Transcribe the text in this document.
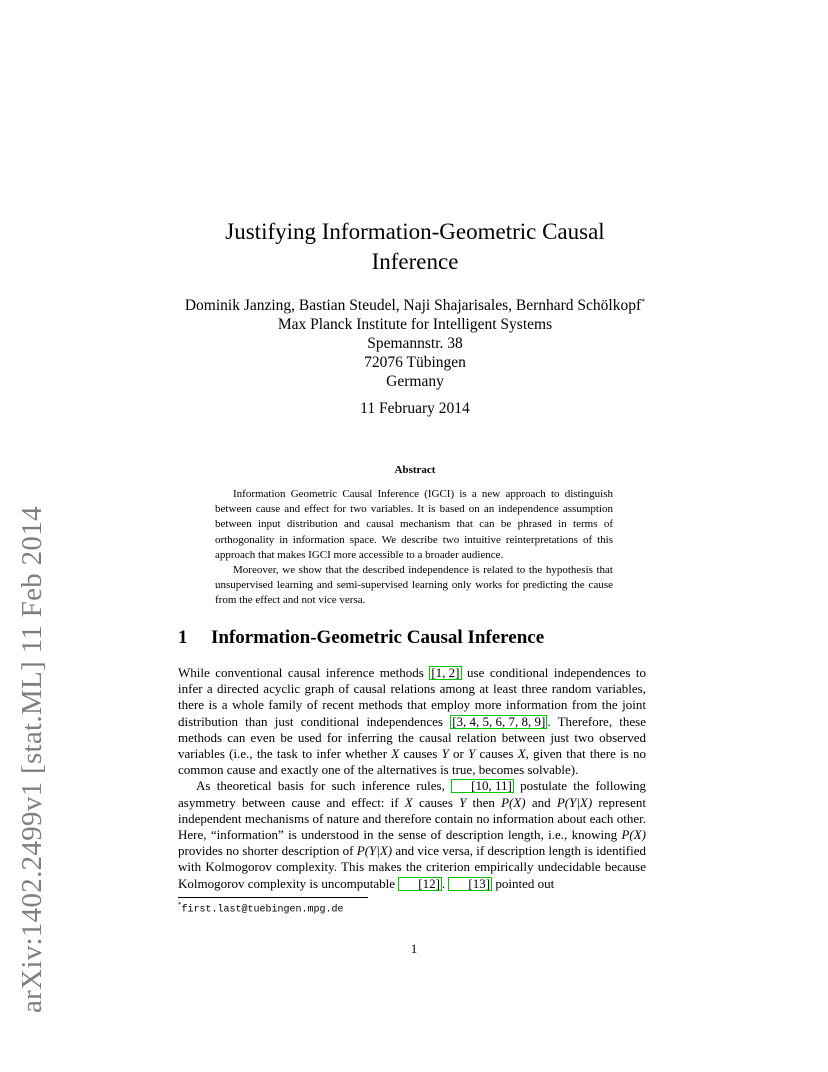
arXiv:1402.2499v1 [stat.ML] 11 Feb 2014
Justifying Information-Geometric Causal
Inference
Dominik Janzing, Bastian Steudel, Naji Shajarisales, Bernhard Schölkopf*
Max Planck Institute for Intelligent Systems
Spemannstr. 38
72076 Tübingen
Germany
11 February 2014
Abstract

Information Geometric Causal Inference (IGCI) is a new approach to distinguish between cause and effect for two variables. It is based on an independence assumption between input distribution and causal mechanism that can be phrased in terms of orthogonality in information space. We describe two intuitive reinterpretations of this approach that makes IGCI more accessible to a broader audience.

Moreover, we show that the described independence is related to the hypothesis that unsupervised learning and semi-supervised learning only works for predicting the cause from the effect and not vice versa.

1 Information-Geometric Causal Inference

While conventional causal inference methods [1, 2] use conditional independences to infer a directed acyclic graph of causal relations among at least three random variables, there is a whole family of recent methods that employ more information from the joint distribution than just conditional independences [3, 4, 5, 6, 7, 8, 9] . Therefore, these methods can even be used for inferring the causal relation between just two observed variables (i.e., the task to infer whether X causes Y or Y causes X, given that there is no common cause and exactly one of the alternatives is true, becomes solvable).

As theoretical basis for such inference rules, [10, 11] postulate the following asymmetry between cause and effect: if X causes Y then P(X) and P(Y|X) represent independent mechanisms of nature and therefore contain no information about each other. Here, “information” is understood in the sense of description length, i.e., knowing P(X) provides no shorter description of P(Y|X) and vice versa, if description length is identified with Kolmogorov complexity. This makes the criterion empirically undecidable because Kolmogorov complexity is uncomputable [12] . [13] pointed out

*first.last@tuebingen.mpg.de
1
